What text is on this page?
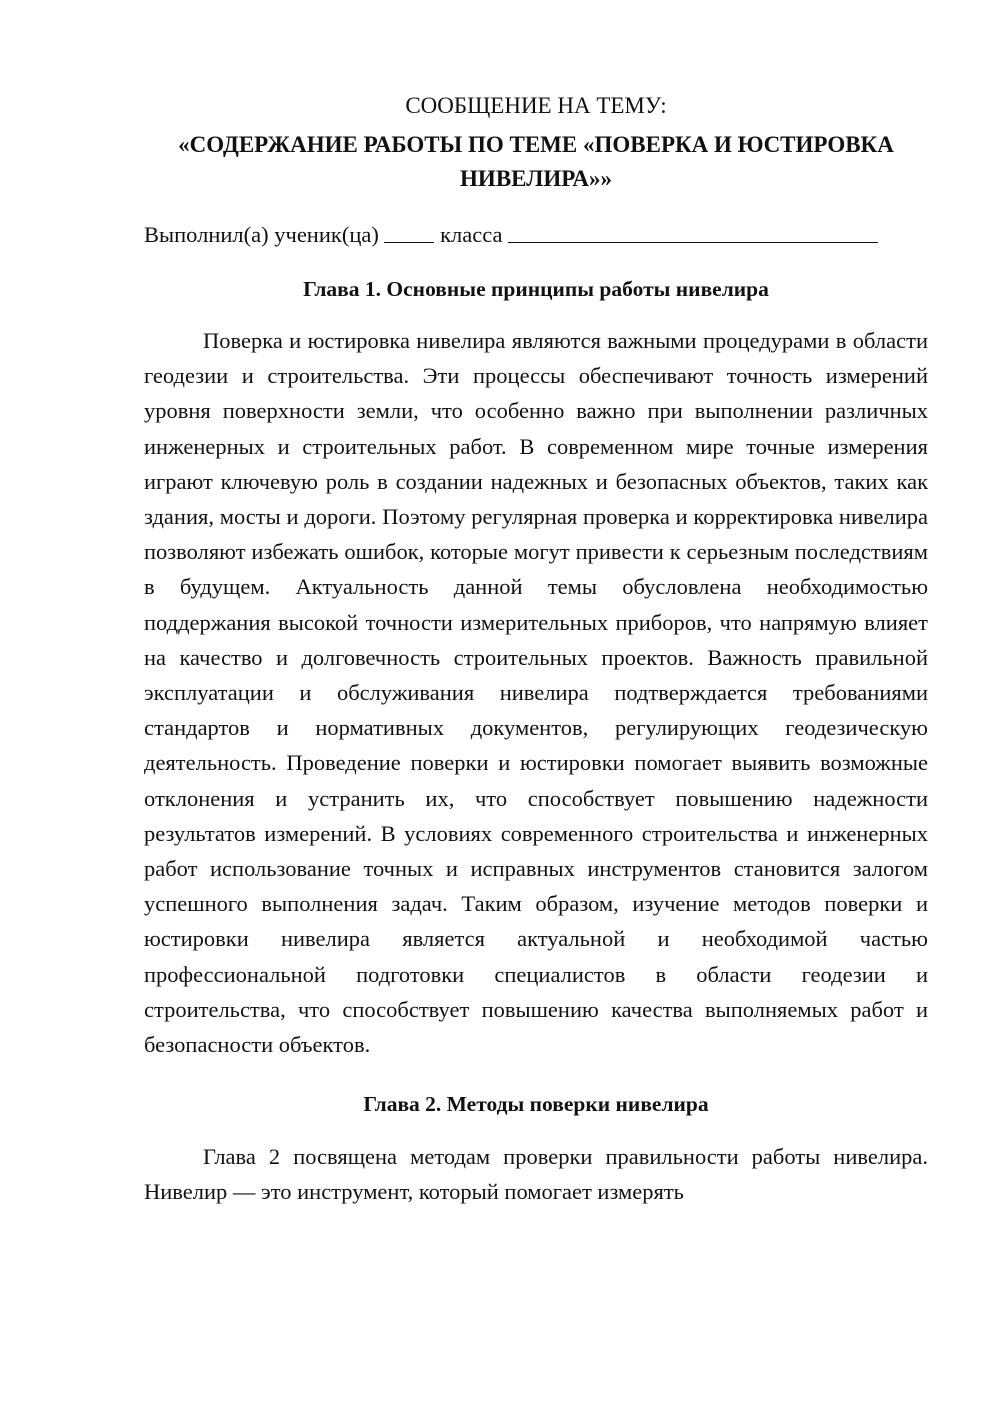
СООБЩЕНИЕ НА ТЕМУ:
«СОДЕРЖАНИЕ РАБОТЫ ПО ТЕМЕ «ПОВЕРКА И ЮСТИРОВКА НИВЕЛИРА»»
Выполнил(а) ученик(ца)	класса
Глава 1. Основные принципы работы нивелира

Поверка и юстировка нивелира являются важными процедурами в области геодезии и строительства. Эти процессы обеспечивают точность измерений уровня поверхности земли, что особенно важно при выполнении различных инженерных и строительных работ. В современном мире точные измерения играют ключевую роль в создании надежных и безопасных объектов, таких как здания, мосты и дороги. Поэтому регулярная проверка и корректировка нивелира позволяют избежать ошибок, которые могут привести к серьезным последствиям в будущем. Актуальность данной темы обусловлена необходимостью поддержания высокой точности измерительных приборов, что напрямую влияет на качество и долговечность строительных проектов. Важность правильной эксплуатации и обслуживания нивелира подтверждается требованиями стандартов и нормативных документов, регулирующих геодезическую деятельность. Проведение поверки и юстировки помогает выявить возможные отклонения и устранить их, что способствует повышению надежности результатов измерений. В условиях современного строительства и инженерных работ использование точных и исправных инструментов становится залогом успешного выполнения задач. Таким образом, изучение методов поверки и юстировки нивелира является актуальной и необходимой частью профессиональной подготовки специалистов в области геодезии и строительства, что способствует повышению качества выполняемых работ и безопасности объектов.

Глава 2. Методы поверки нивелира

Глава 2 посвящена методам проверки правильности работы нивелира. Нивелир — это инструмент, который помогает измерять
